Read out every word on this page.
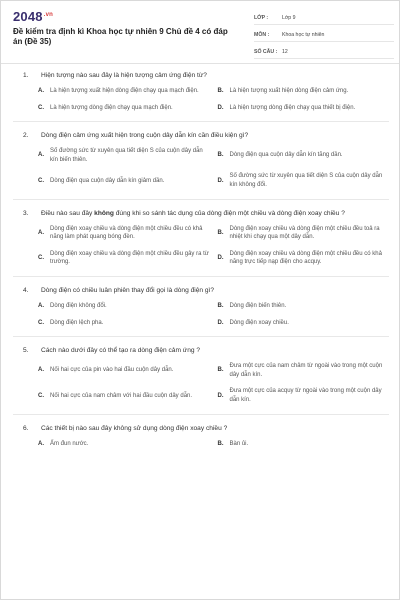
$2048^{.vn}$
Đề kiểm tra định kì Khoa học tự nhiên 9 Chủ đề 4 có đáp án (Đề 35)
LỚP :	Lớp 9
MÔN :	Khoa học tự nhiên
SỐ CÂU : 12
1.	Hiện tượng nào sau đây là hiện tượng cảm ứng điện từ?
A.	Là hiện tượng xuất hiện dòng điện chạy qua mạch điện.	B.	Là hiện tượng xuất hiện dòng điện cảm ứng.
C.	Là hiện tượng dòng điện chạy qua mạch điện.	D.	Là hiện tượng dòng điện chạy qua thiết bị điện.
2.	Dòng điện cảm ứng xuất hiện trong cuộn dây dẫn kín cần điều kiện gì?
A.
Số đường sức từ xuyên qua tiết diện S của cuộn dây dẫn kín biến thiên.
B.	Dòng điện qua cuộn dây dẫn kín tăng dần.
C.	Dòng điện qua cuộn dây dẫn kín giảm dần.	D.
Số đường sức từ xuyên qua tiết diện S của cuộn dây dẫn kín không đổi.
3.	Điều nào sau đây không đúng khi so sánh tác dụng của dòng điện một chiều và dòng điện xoay chiều ?
A.
Dòng điện xoay chiều và dòng điện một chiều đều có khả năng làm phát quang bóng đèn.
B.
Dòng điện xoay chiều và dòng điện một chiều đều toả ra nhiệt khi chạy qua một dây dẫn.
C.
Dòng điện xoay chiều và dòng điện một chiều đều gây ra từ trường.
D.
Dòng điện xoay chiều và dòng điện một chiều đều có khả năng trực tiếp nạp điện cho acquy.
4.	Dòng điện có chiều luân phiên thay đổi gọi là dòng điện gì?
A.	Dòng điện không đổi.	B.	Dòng điện biến thiên.
C.	Dòng điện lệch pha.	D.	Dòng điện xoay chiều.
5.	Cách nào dưới đây có thể tạo ra dòng điện cảm ứng ?
A.	Nối hai cực của pin vào hai đầu cuộn dây dẫn.	B.
Đưa một cực của nam châm từ ngoài vào trong một cuộn dây dẫn kín.
C.	Nối hai cực của nam châm với hai đầu cuộn dây dẫn.	D.
Đưa một cực của acquy từ ngoài vào trong một cuộn dây dẫn kín.
6.	Các thiết bị nào sau đây không sử dụng dòng điện xoay chiều ?
A.	Ấm đun nước.	B.	Bàn ủi.
